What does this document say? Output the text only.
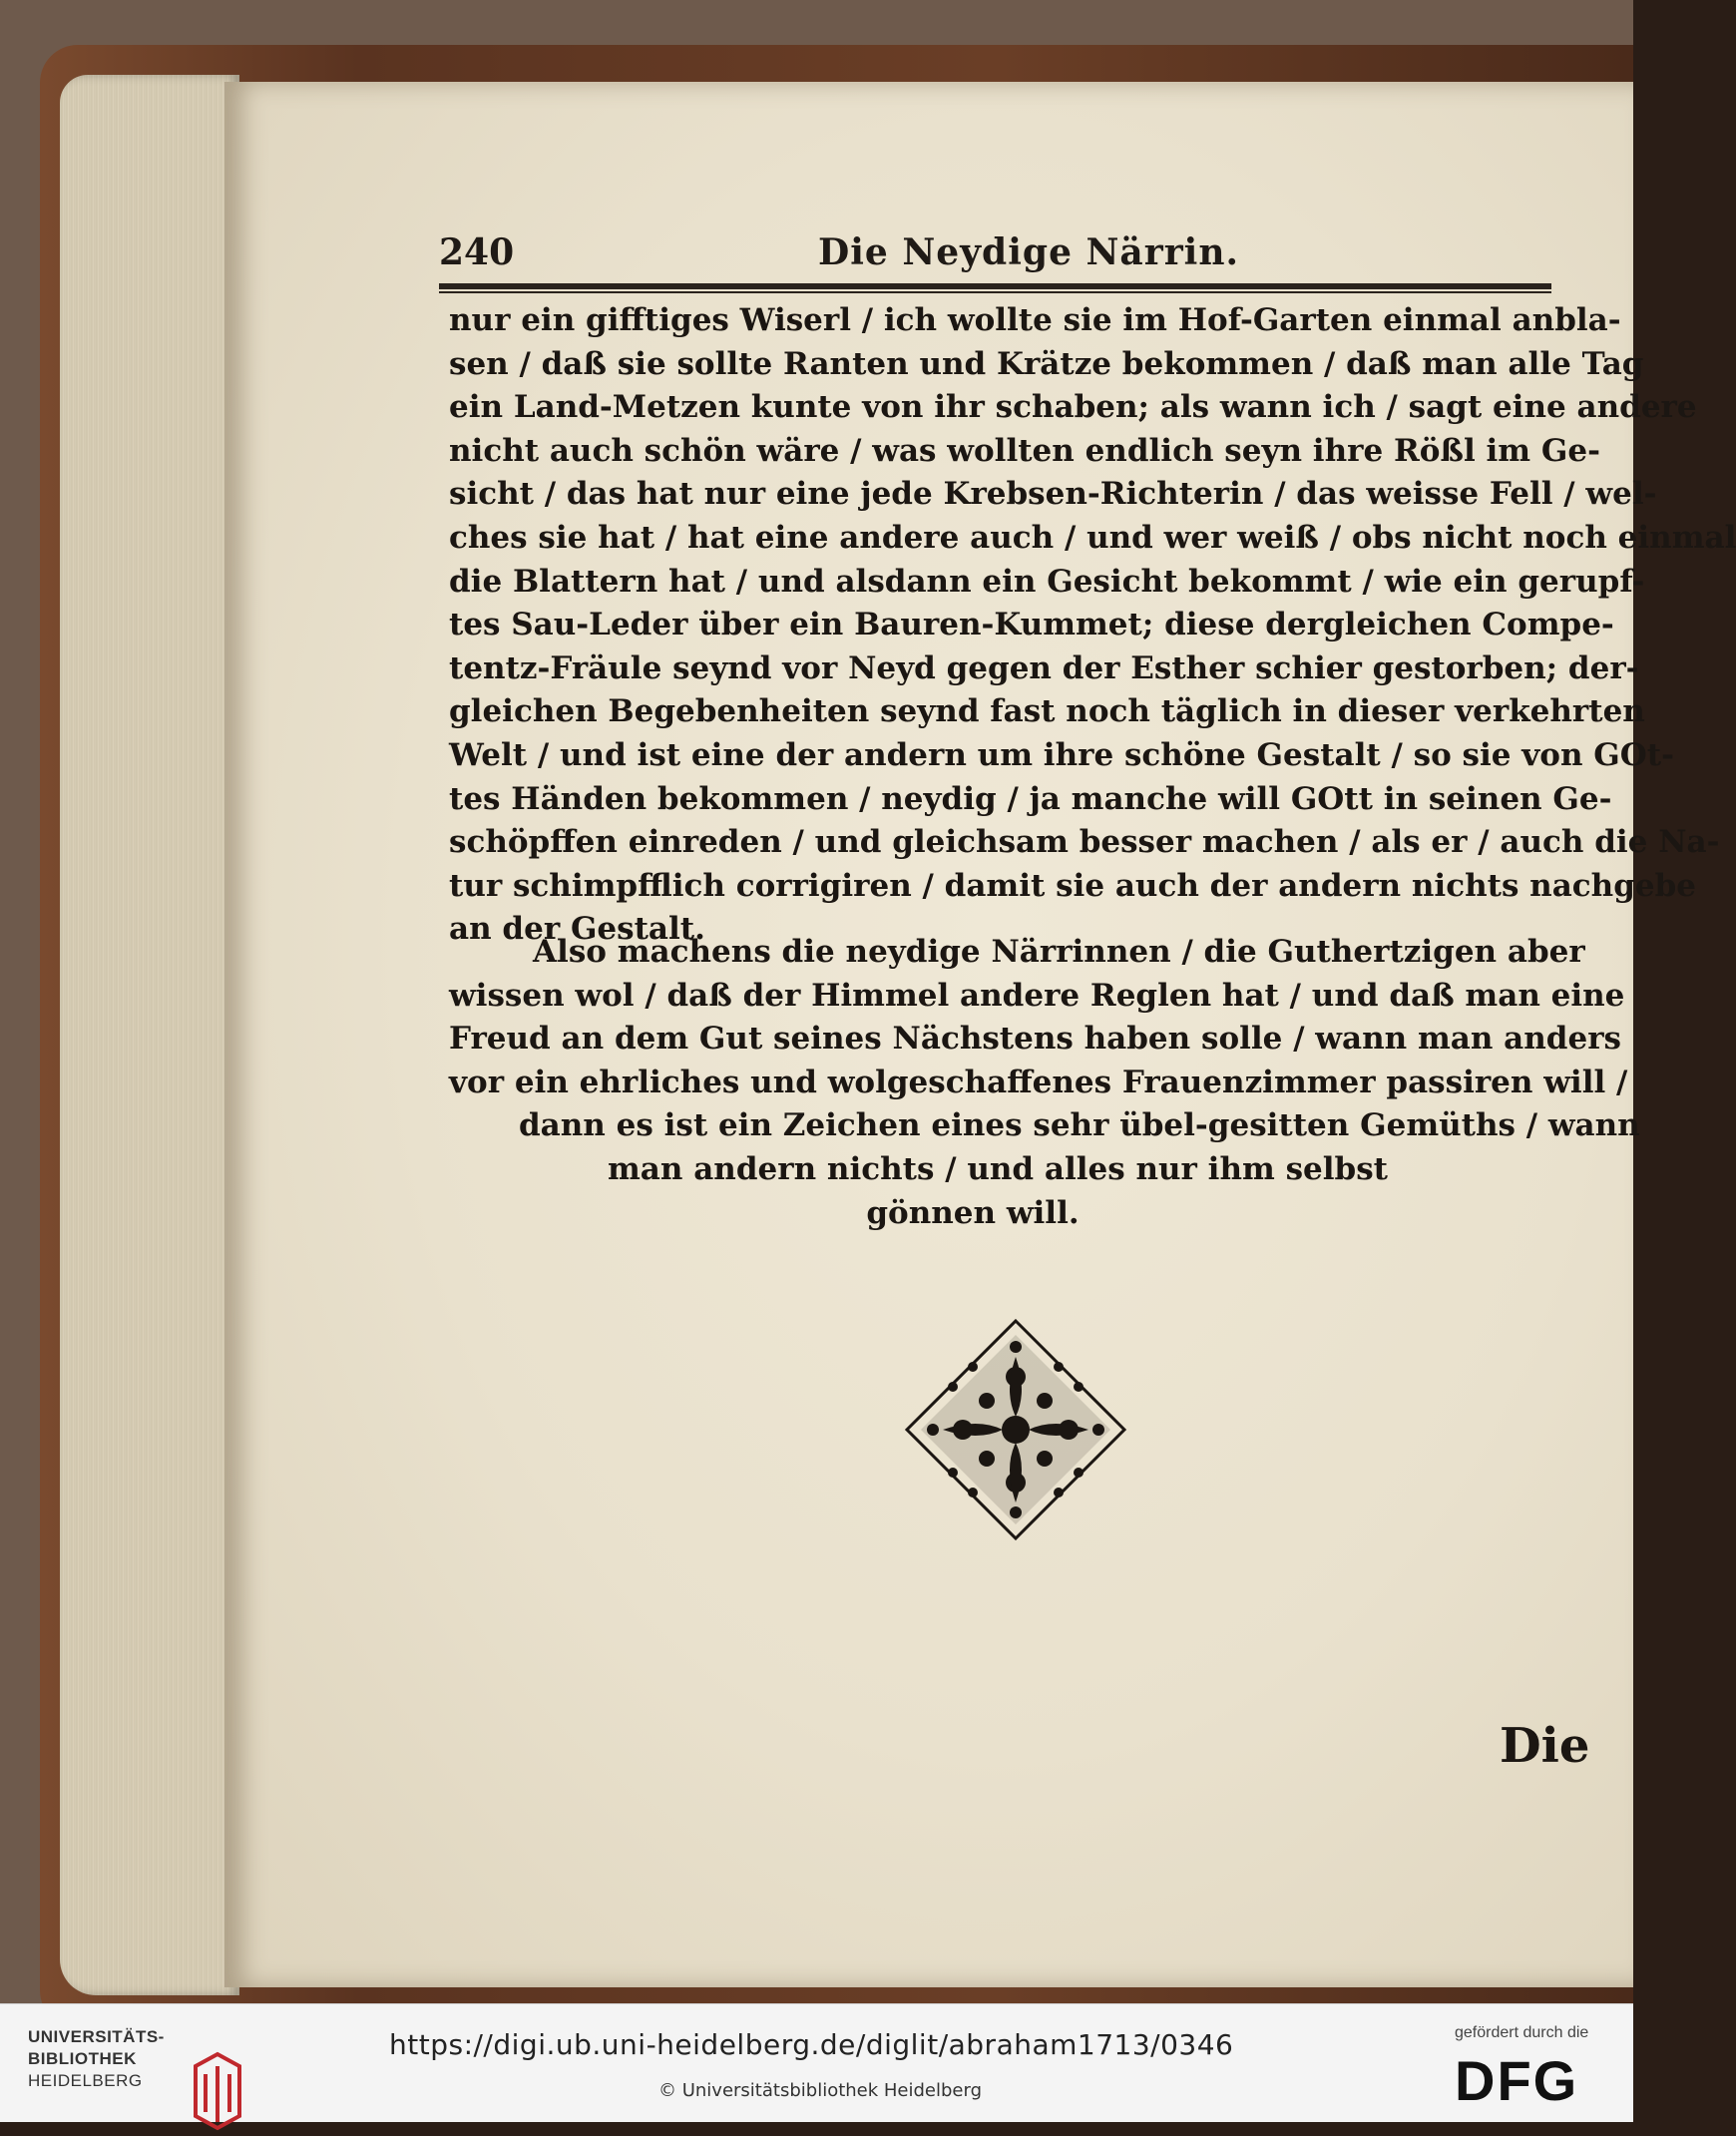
240	Die Neydige Närrin.
nur ein gifftiges Wiserl / ich wollte sie im Hof-Garten einmal anbla-
sen / daß sie sollte Ranten und Krätze bekommen / daß man alle Tag
ein Land-Metzen kunte von ihr schaben; als wann ich / sagt eine andere
nicht auch schön wäre / was wollten endlich seyn ihre Rößl im Ge-
sicht / das hat nur eine jede Krebsen-Richterin / das weisse Fell / wel-
ches sie hat / hat eine andere auch / und wer weiß / obs nicht noch einmal
die Blattern hat / und alsdann ein Gesicht bekommt / wie ein gerupf-
tes Sau-Leder über ein Bauren-Kummet; diese dergleichen Compe-
tentz-Fräule seynd vor Neyd gegen der Esther schier gestorben; der-
gleichen Begebenheiten seynd fast noch täglich in dieser verkehrten
Welt / und ist eine der andern um ihre schöne Gestalt / so sie von GOt-
tes Händen bekommen / neydig / ja manche will GOtt in seinen Ge-
schöpffen einreden / und gleichsam besser machen / als er / auch die Na-
tur schimpfflich corrigiren / damit sie auch der andern nichts nachgebe
an der Gestalt.
Also machens die neydige Närrinnen / die Guthertzigen aber
wissen wol / daß der Himmel andere Reglen hat / und daß man eine
Freud an dem Gut seines Nächstens haben solle / wann man anders
vor ein ehrliches und wolgeschaffenes Frauenzimmer passiren will /
dann es ist ein Zeichen eines sehr übel-gesitten Gemüths / wann
man andern nichts / und alles nur ihm selbst
gönnen will.
Die
UNIVERSITÄTS-
BIBLIOTHEK
HEIDELBERG
https://digi.ub.uni-heidelberg.de/diglit/abraham1713/0346
© Universitätsbibliothek Heidelberg
gefördert durch die
DFG
